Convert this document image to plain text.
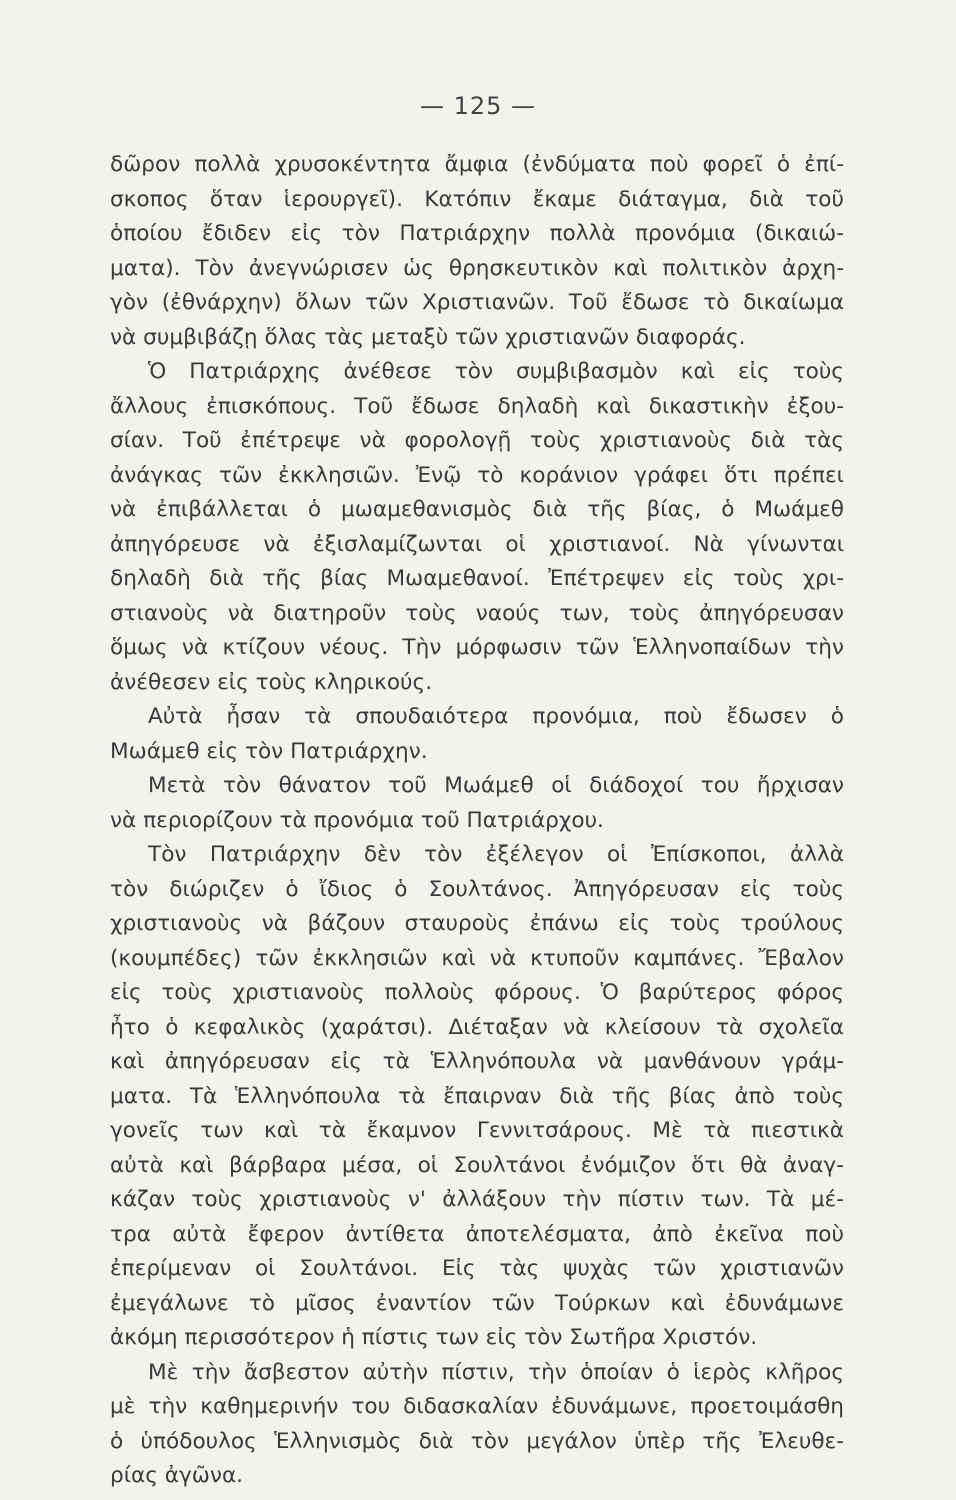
— 125 —
δῶρον πολλὰ χρυσοκέντητα ἄμφια (ἐνδύματα ποὺ φορεῖ ὁ ἐπί-
σκοπος ὅταν ἱερουργεῖ). Κατόπιν ἔκαμε διάταγμα, διὰ τοῦ
ὁποίου ἔδιδεν εἰς τὸν Πατριάρχην πολλὰ προνόμια (δικαιώ-
ματα). Τὸν ἀνεγνώρισεν ὡς θρησκευτικὸν καὶ πολιτικὸν ἀρχη-
γὸν (ἐθνάρχην) ὅλων τῶν Χριστιανῶν. Τοῦ ἔδωσε τὸ δικαίωμα
νὰ συμβιβάζῃ ὅλας τὰς μεταξὺ τῶν χριστιανῶν διαφοράς.
Ὁ Πατριάρχης ἀνέθεσε τὸν συμβιβασμὸν καὶ εἰς τοὺς
ἄλλους ἐπισκόπους. Τοῦ ἔδωσε δηλαδὴ καὶ δικαστικὴν ἐξου-
σίαν. Τοῦ ἐπέτρεψε νὰ φορολογῇ τοὺς χριστιανοὺς διὰ τὰς
ἀνάγκας τῶν ἐκκλησιῶν. Ἐνῷ τὸ κοράνιον γράφει ὅτι πρέπει
νὰ ἐπιβάλλεται ὁ μωαμεθανισμὸς διὰ τῆς βίας, ὁ Μωάμεθ
ἀπηγόρευσε νὰ ἐξισλαμίζωνται οἱ χριστιανοί. Νὰ γίνωνται
δηλαδὴ διὰ τῆς βίας Μωαμεθανοί. Ἐπέτρεψεν εἰς τοὺς χρι-
στιανοὺς νὰ διατηροῦν τοὺς ναούς των, τοὺς ἀπηγόρευσαν
ὅμως νὰ κτίζουν νέους. Τὴν μόρφωσιν τῶν Ἑλληνοπαίδων τὴν
ἀνέθεσεν εἰς τοὺς κληρικούς.
Αὐτὰ ἦσαν τὰ σπουδαιότερα προνόμια, ποὺ ἔδωσεν ὁ
Μωάμεθ εἰς τὸν Πατριάρχην.
Μετὰ τὸν θάνατον τοῦ Μωάμεθ οἱ διάδοχοί του ἤρχισαν
νὰ περιορίζουν τὰ προνόμια τοῦ Πατριάρχου.
Τὸν Πατριάρχην δὲν τὸν ἐξέλεγον οἱ Ἐπίσκοποι, ἀλλὰ
τὸν διώριζεν ὁ ἴδιος ὁ Σουλτάνος. Ἀπηγόρευσαν εἰς τοὺς
χριστιανοὺς νὰ βάζουν σταυροὺς ἐπάνω εἰς τοὺς τρούλους
(κουμπέδες) τῶν ἐκκλησιῶν καὶ νὰ κτυποῦν καμπάνες. Ἔβαλον
εἰς τοὺς χριστιανοὺς πολλοὺς φόρους. Ὁ βαρύτερος φόρος
ἦτο ὁ κεφαλικὸς (χαράτσι). Διέταξαν νὰ κλείσουν τὰ σχολεῖα
καὶ ἀπηγόρευσαν εἰς τὰ Ἑλληνόπουλα νὰ μανθάνουν γράμ-
ματα. Τὰ Ἑλληνόπουλα τὰ ἔπαιρναν διὰ τῆς βίας ἀπὸ τοὺς
γονεῖς των καὶ τὰ ἔκαμνον Γεννιτσάρους. Μὲ τὰ πιεστικὰ
αὐτὰ καὶ βάρβαρα μέσα, οἱ Σουλτάνοι ἐνόμιζον ὅτι θὰ ἀναγ-
κάζαν τοὺς χριστιανοὺς ν' ἀλλάξουν τὴν πίστιν των. Τὰ μέ-
τρα αὐτὰ ἔφερον ἀντίθετα ἀποτελέσματα, ἀπὸ ἐκεῖνα ποὺ
ἐπερίμεναν οἱ Σουλτάνοι. Εἰς τὰς ψυχὰς τῶν χριστιανῶν
ἐμεγάλωνε τὸ μῖσος ἐναντίον τῶν Τούρκων καὶ ἐδυνάμωνε
ἀκόμη περισσότερον ἡ πίστις των εἰς τὸν Σωτῆρα Χριστόν.
Μὲ τὴν ἄσβεστον αὐτὴν πίστιν, τὴν ὁποίαν ὁ ἱερὸς κλῆρος
μὲ τὴν καθημερινήν του διδασκαλίαν ἐδυνάμωνε, προετοιμάσθη
ὁ ὑπόδουλος Ἑλληνισμὸς διὰ τὸν μεγάλον ὑπὲρ τῆς Ἐλευθε-
ρίας ἀγῶνα.
